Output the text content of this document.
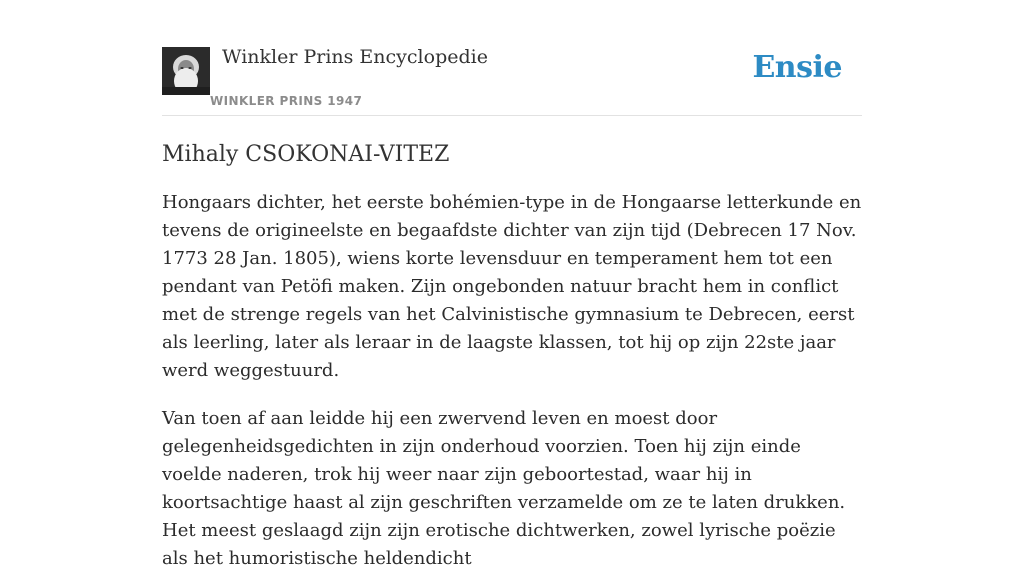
Winkler Prins Encyclopedie
WINKLER PRINS 1947
Ensie
Mihaly CSOKONAI-VITEZ

Hongaars dichter, het eerste bohémien-type in de Hongaarse letterkunde en tevens de origineelste en begaafdste dichter van zijn tijd (Debrecen 17 Nov. 1773 28 Jan. 1805), wiens korte levensduur en temperament hem tot een pendant van Petöfi maken. Zijn ongebonden natuur bracht hem in conflict met de strenge regels van het Calvinistische gymnasium te Debrecen, eerst als leerling, later als leraar in de laagste klassen, tot hij op zijn 22ste jaar werd weggestuurd.

Van toen af aan leidde hij een zwervend leven en moest door gelegenheidsgedichten in zijn onderhoud voorzien. Toen hij zijn einde voelde naderen, trok hij weer naar zijn geboortestad, waar hij in koortsachtige haast al zijn geschriften verzamelde om ze te laten drukken. Het meest geslaagd zijn zijn erotische dichtwerken, zowel lyrische poëzie als het humoristische heldendicht
